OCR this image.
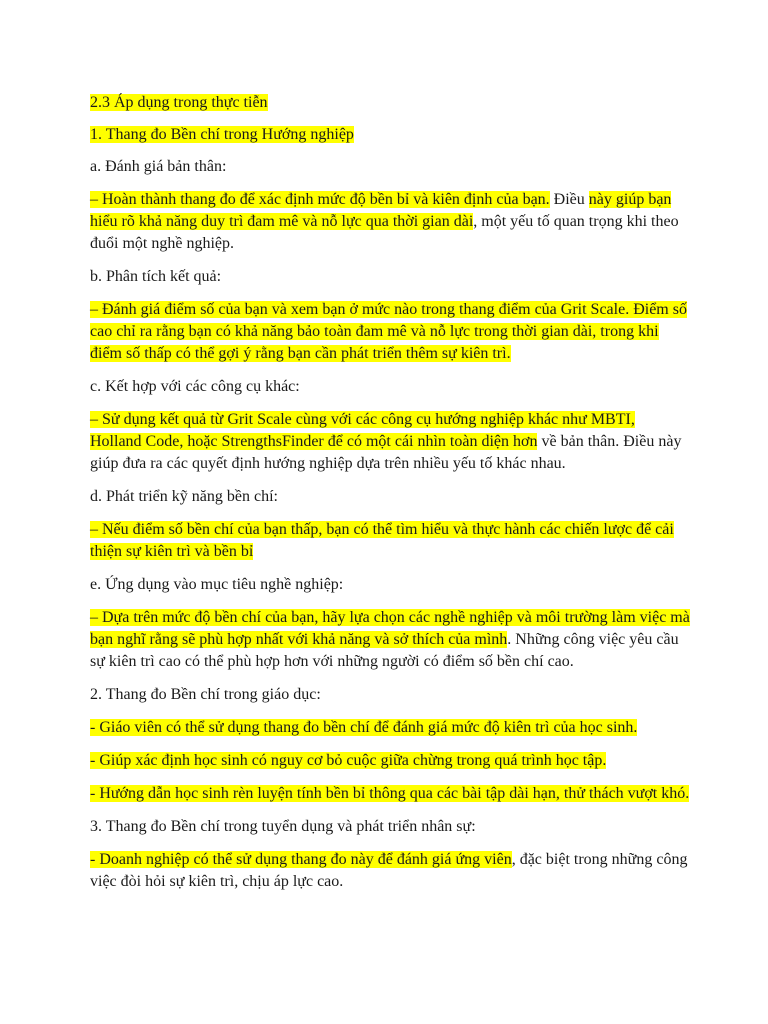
2.3 Áp dụng trong thực tiễn

1. Thang đo Bền chí trong Hướng nghiệp

a. Đánh giá bản thân:

– Hoàn thành thang đo để xác định mức độ bền bỉ và kiên định của bạn. Điều này giúp bạn hiểu rõ khả năng duy trì đam mê và nỗ lực qua thời gian dài, một yếu tố quan trọng khi theo đuổi một nghề nghiệp.

b. Phân tích kết quả:

– Đánh giá điểm số của bạn và xem bạn ở mức nào trong thang điểm của Grit Scale. Điểm số cao chỉ ra rằng bạn có khả năng bảo toàn đam mê và nỗ lực trong thời gian dài, trong khi điểm số thấp có thể gợi ý rằng bạn cần phát triển thêm sự kiên trì.

c. Kết hợp với các công cụ khác:

– Sử dụng kết quả từ Grit Scale cùng với các công cụ hướng nghiệp khác như MBTI, Holland Code, hoặc StrengthsFinder để có một cái nhìn toàn diện hơn về bản thân. Điều này giúp đưa ra các quyết định hướng nghiệp dựa trên nhiều yếu tố khác nhau.

d. Phát triển kỹ năng bền chí:

– Nếu điểm số bền chí của bạn thấp, bạn có thể tìm hiểu và thực hành các chiến lược để cải thiện sự kiên trì và bền bỉ

e. Ứng dụng vào mục tiêu nghề nghiệp:

– Dựa trên mức độ bền chí của bạn, hãy lựa chọn các nghề nghiệp và môi trường làm việc mà bạn nghĩ rằng sẽ phù hợp nhất với khả năng và sở thích của mình. Những công việc yêu cầu sự kiên trì cao có thể phù hợp hơn với những người có điểm số bền chí cao.

2. Thang đo Bền chí trong giáo dục:

- Giáo viên có thể sử dụng thang đo bền chí để đánh giá mức độ kiên trì của học sinh.

- Giúp xác định học sinh có nguy cơ bỏ cuộc giữa chừng trong quá trình học tập.

- Hướng dẫn học sinh rèn luyện tính bền bỉ thông qua các bài tập dài hạn, thử thách vượt khó.

3. Thang đo Bền chí trong tuyển dụng và phát triển nhân sự:

- Doanh nghiệp có thể sử dụng thang đo này để đánh giá ứng viên, đặc biệt trong những công việc đòi hỏi sự kiên trì, chịu áp lực cao.
